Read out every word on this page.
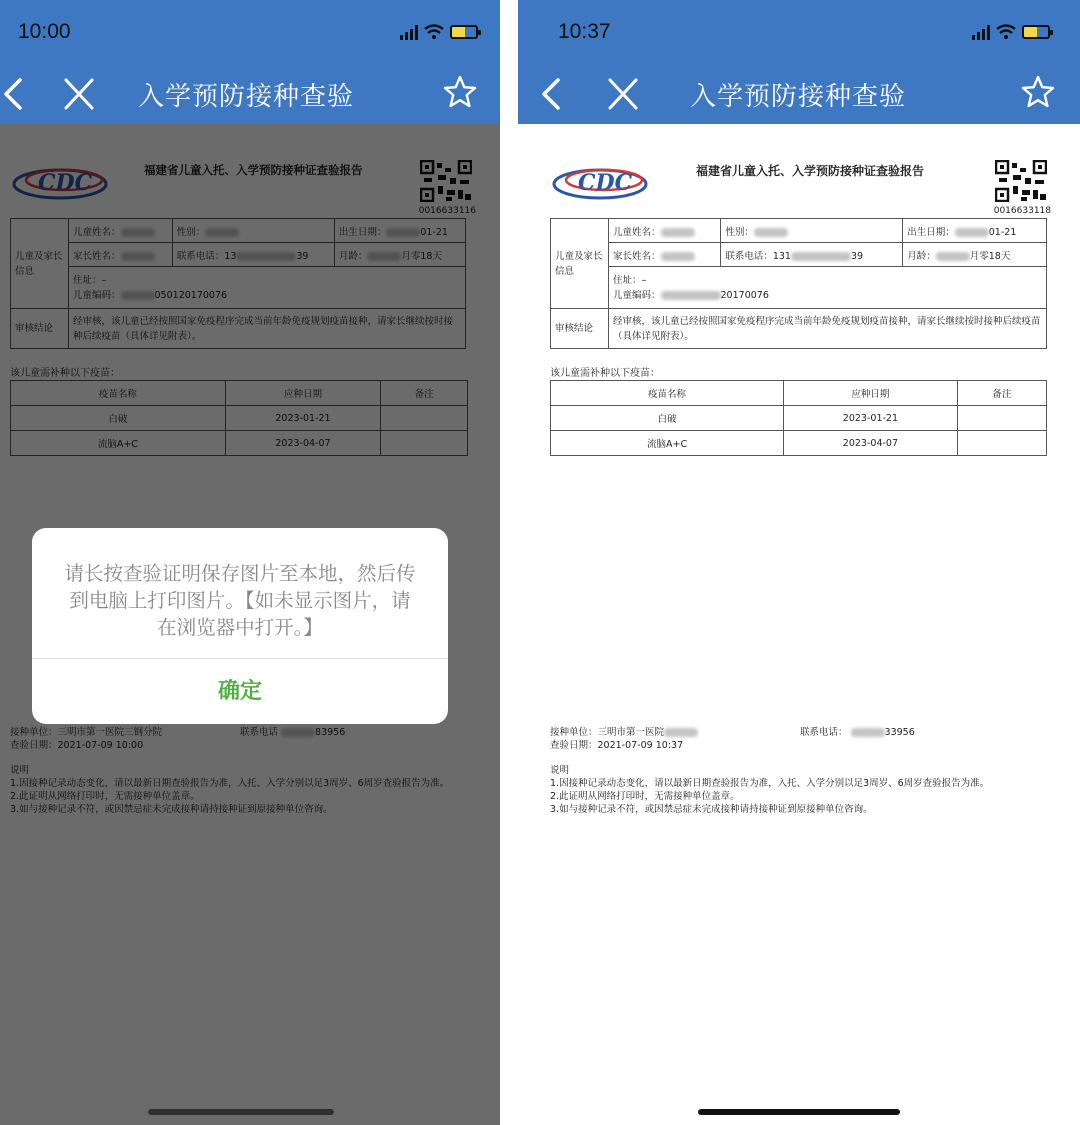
10:00
入学预防接种查验
请长按查验证明保存图片至本地，然后传到电脑上打印图片。【如未显示图片，请在浏览器中打开。】
确定
CDC	福建省儿童入托、入学预防接种证查验报告
0016633118
儿童及家长信息	儿童姓名：	性别：	出生日期： 01-21
	家长姓名：	联系电话：131 39	月龄： 月零18天

	住址：–
儿童编码： 20170076		

审核结论	经审核，该儿童已经按照国家免疫程序完成当前年龄免疫规划疫苗接种，请家长继续按时接种后续疫苗（具体详见附表）。		
该儿童需补种以下疫苗：
疫苗名称	应种日期	备注
白破	2023-01-21	
流脑A+C	2023-04-07	
接种单位：三明市第一医院	联系电话：	33956
查验日期：2021-07-09 10:37
说明
1.因接种记录动态变化，请以最新日期查验报告为准，入托、入学分别以足3周岁、6周岁查验报告为准。
2.此证明从网络打印时，无需接种单位盖章。
3.如与接种记录不符，或因禁忌症未完成接种请持接种证到原接种单位咨询。
10:37
入学预防接种查验
